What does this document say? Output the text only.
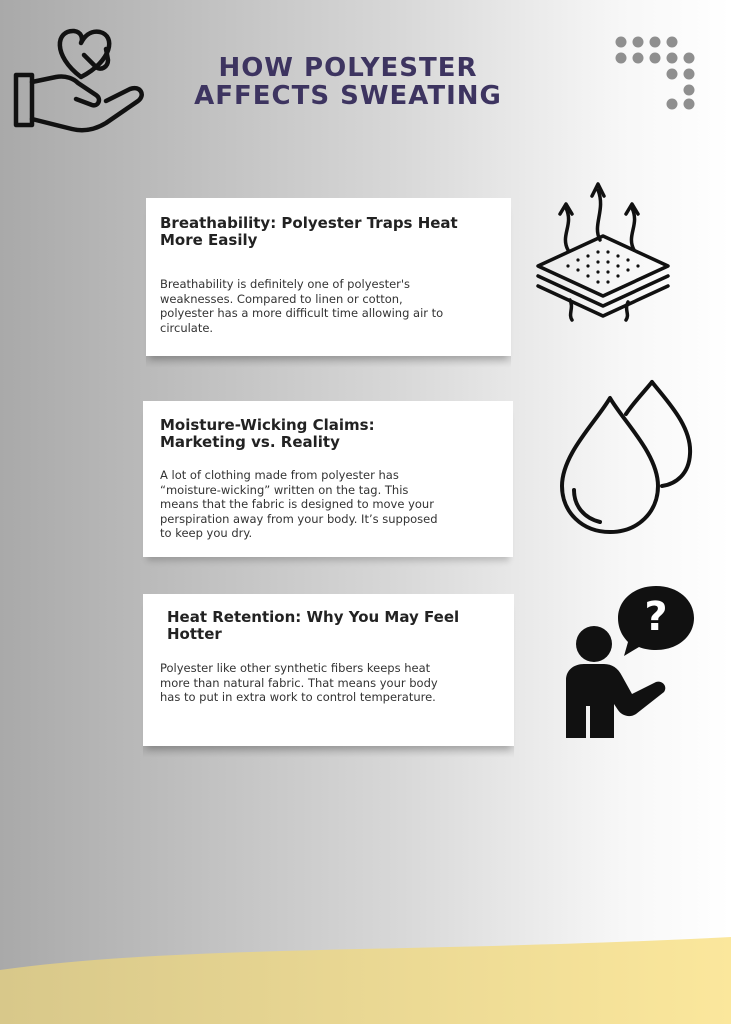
HOW POLYESTER
AFFECTS SWEATING
Breathability: Polyester Traps Heat More Easily

Breathability is definitely one of polyester's weaknesses. Compared to linen or cotton, polyester has a more difficult time allowing air to circulate.

Moisture-Wicking Claims: Marketing vs. Reality

A lot of clothing made from polyester has “moisture-wicking” written on the tag. This means that the fabric is designed to move your perspiration away from your body. It’s supposed to keep you dry.

Heat Retention: Why You May Feel Hotter

Polyester like other synthetic fibers keeps heat more than natural fabric. That means your body has to put in extra work to control temperature.

?
